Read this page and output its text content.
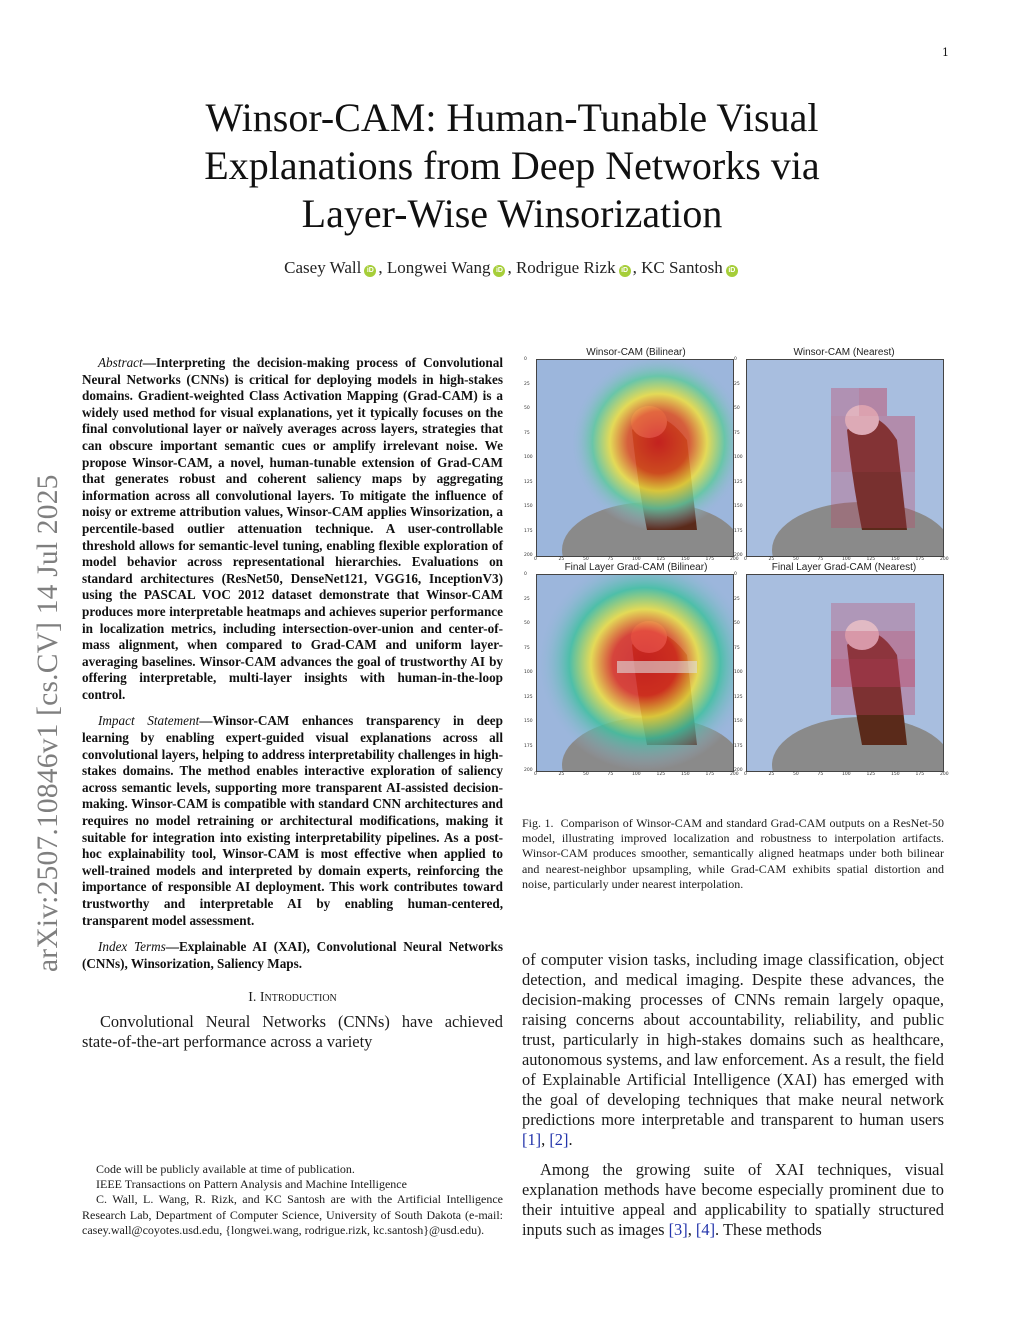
1
arXiv:2507.10846v1 [cs.CV] 14 Jul 2025
Winsor-CAM: Human-Tunable Visual
Explanations from Deep Networks via
Layer-Wise Winsorization
Casey Wall iD , Longwei Wang iD , Rodrigue Rizk iD , KC Santosh iD

Abstract—Interpreting the decision-making process of Convolutional Neural Networks (CNNs) is critical for deploying models in high-stakes domains. Gradient-weighted Class Activation Mapping (Grad-CAM) is a widely used method for visual explanations, yet it typically focuses on the final convolutional layer or naïvely averages across layers, strategies that can obscure important semantic cues or amplify irrelevant noise. We propose Winsor-CAM, a novel, human-tunable extension of Grad-CAM that generates robust and coherent saliency maps by aggregating information across all convolutional layers. To mitigate the influence of noisy or extreme attribution values, Winsor-CAM applies Winsorization, a percentile-based outlier attenuation technique. A user-controllable threshold allows for semantic-level tuning, enabling flexible exploration of model behavior across representational hierarchies. Evaluations on standard architectures (ResNet50, DenseNet121, VGG16, InceptionV3) using the PASCAL VOC 2012 dataset demonstrate that Winsor-CAM produces more interpretable heatmaps and achieves superior performance in localization metrics, including intersection-over-union and center-of-mass alignment, when compared to Grad-CAM and uniform layer-averaging baselines. Winsor-CAM advances the goal of trustworthy AI by offering interpretable, multi-layer insights with human-in-the-loop control.

Impact Statement—Winsor-CAM enhances transparency in deep learning by enabling expert-guided visual explanations across all convolutional layers, helping to address interpretability challenges in high-stakes domains. The method enables interactive exploration of saliency across semantic levels, supporting more transparent AI-assisted decision-making. Winsor-CAM is compatible with standard CNN architectures and requires no model retraining or architectural modifications, making it suitable for integration into existing interpretability pipelines. As a post-hoc explainability tool, Winsor-CAM is most effective when applied to well-trained models and interpreted by domain experts, reinforcing the importance of responsible AI deployment. This work contributes toward trustworthy and interpretable AI by enabling human-centered, transparent model assessment.

Index Terms—Explainable AI (XAI), Convolutional Neural Networks (CNNs), Winsorization, Saliency Maps.

I. Introduction

Convolutional Neural Networks (CNNs) have achieved state-of-the-art performance across a variety

Code will be publicly available at time of publication.

IEEE Transactions on Pattern Analysis and Machine Intelligence

C. Wall, L. Wang, R. Rizk, and KC Santosh are with the Artificial Intelligence Research Lab, Department of Computer Science, University of South Dakota (e-mail: casey.wall@coyotes.usd.edu, {longwei.wang, rodrigue.rizk, kc.santosh}@usd.edu).

Winsor-CAM (Bilinear)	Winsor-CAM (Nearest)
Final Layer Grad-CAM (Bilinear)	Final Layer Grad-CAM (Nearest)
0	25	50	75	100	125	150	175	200
0
25
50
75
100
125
150
175
200
0	25	50	75	100	125	150	175	200
0
25
50
75
100
125
150
175
200
0	25	50	75	100	125	150	175	200
0
25
50
75
100
125
150
175
200
0	25	50	75	100	125	150	175	200
0
25
50
75
100
125
150
175
200

Fig. 1. Comparison of Winsor-CAM and standard Grad-CAM outputs on a ResNet-50 model, illustrating improved localization and robustness to interpolation artifacts. Winsor-CAM produces smoother, semantically aligned heatmaps under both bilinear and nearest-neighbor upsampling, while Grad-CAM exhibits spatial distortion and noise, particularly under nearest interpolation.

of computer vision tasks, including image classification, object detection, and medical imaging. Despite these advances, the decision-making processes of CNNs remain largely opaque, raising concerns about accountability, reliability, and public trust, particularly in high-stakes domains such as healthcare, autonomous systems, and law enforcement. As a result, the field of Explainable Artificial Intelligence (XAI) has emerged with the goal of developing techniques that make neural network predictions more interpretable and transparent to human users [1], [2].

Among the growing suite of XAI techniques, visual explanation methods have become especially prominent due to their intuitive appeal and applicability to spatially structured inputs such as images [3], [4]. These methods
